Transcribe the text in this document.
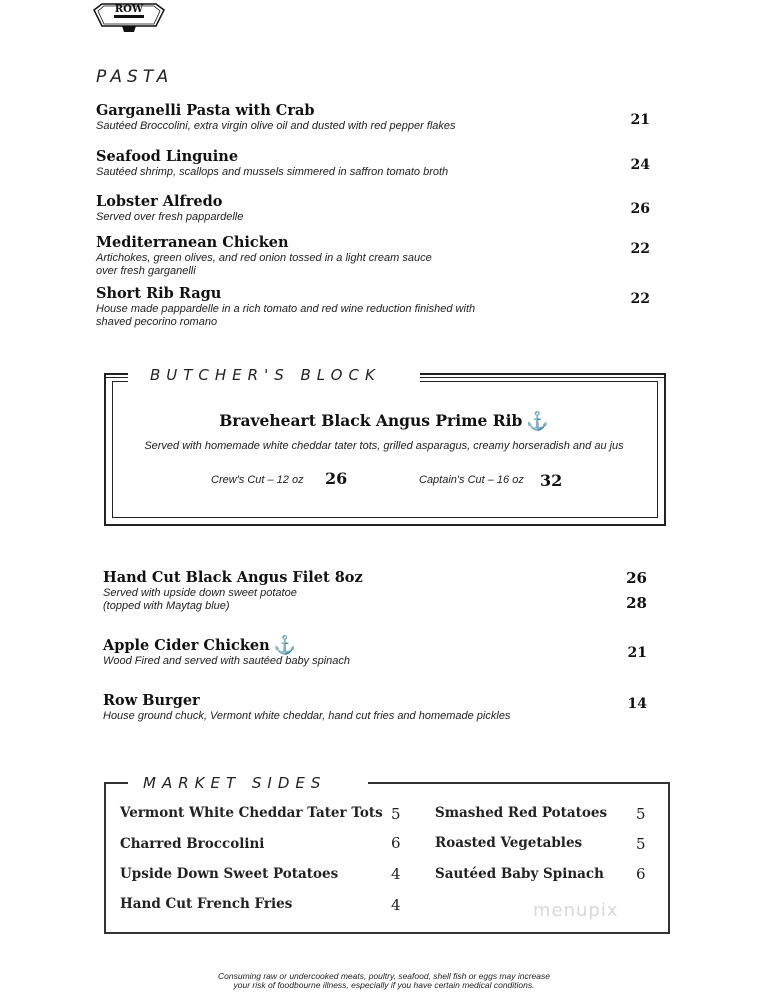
ROW
PASTA
Garganelli Pasta with Crab
Sautéed Broccolini, extra virgin olive oil and dusted with red pepper flakes	21
Seafood Linguine
Sautéed shrimp, scallops and mussels simmered in saffron tomato broth	24
Lobster Alfredo
Served over fresh pappardelle	26
Mediterranean Chicken
Artichokes, green olives, and red onion tossed in a light cream sauce
over fresh garganelli
22
Short Rib Ragu
House made pappardelle in a rich tomato and red wine reduction finished with
shaved pecorino romano
22
BUTCHER'S BLOCK
Braveheart Black Angus Prime Rib ⚓
Served with homemade white cheddar tater tots, grilled asparagus, creamy horseradish and au jus
Crew's Cut – 12 oz 26	Captain's Cut – 16 oz 32
Hand Cut Black Angus Filet 8oz
Served with upside down sweet potatoe
(topped with Maytag blue)
26
28
Apple Cider Chicken ⚓
Wood Fired and served with sautéed baby spinach	21
Row Burger
House ground chuck, Vermont white cheddar, hand cut fries and homemade pickles
14
MARKET SIDES
Vermont White Cheddar Tater Tots 5
Charred Broccolini	6
Upside Down Sweet Potatoes	4
Hand Cut French Fries	4
Smashed Red Potatoes 5
Roasted Vegetables	5
Sautéed Baby Spinach 6
menupix
Consuming raw or undercooked meats, poultry, seafood, shell fish or eggs may increase
your risk of foodbourne illness, especially if you have certain medical conditions.
